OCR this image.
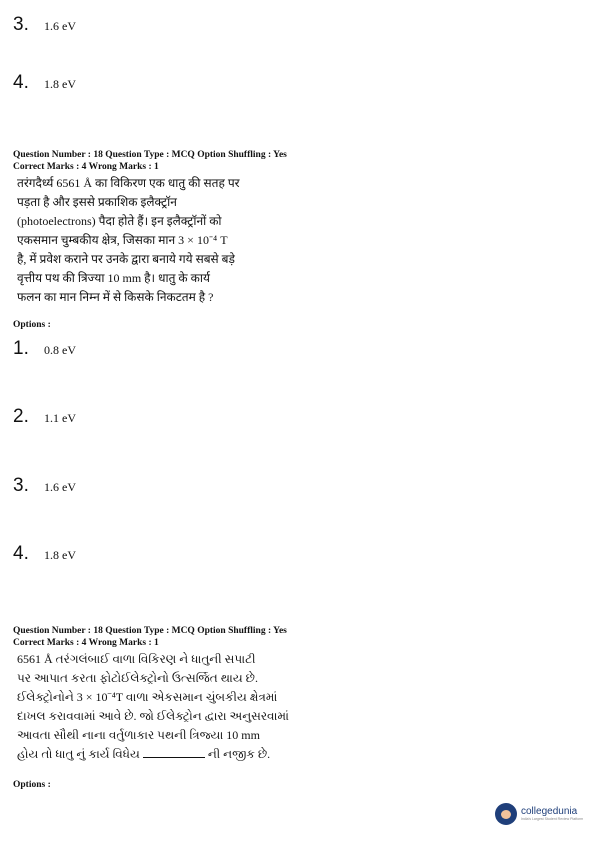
3.	1.6 eV
4.	1.8 eV
Question Number : 18 Question Type : MCQ Option Shuffling : Yes
Correct Marks : 4 Wrong Marks : 1
तरंगदैर्ध्य 6561 Å का विकिरण एक धातु की सतह पर
पड़ता है और इससे प्रकाशिक इलैक्ट्रॉन
(photoelectrons) पैदा होते हैं। इन इलैक्ट्रॉनों को
एकसमान चुम्बकीय क्षेत्र, जिसका मान 3 × 10⁻⁴ T
है, में प्रवेश कराने पर उनके द्वारा बनाये गये सबसे बड़े
वृत्तीय पथ की त्रिज्या 10 mm है। धातु के कार्य
फलन का मान निम्न में से किसके निकटतम है ?
Options :
1.	0.8 eV
2.	1.1 eV
3.	1.6 eV
4.	1.8 eV
Question Number : 18 Question Type : MCQ Option Shuffling : Yes
Correct Marks : 4 Wrong Marks : 1
6561 Å તરંગલંબાઈ વાળા વિકિરણ ને ધાતુની સપાટી
પર આપાત કરતા ફોટોઈલેક્ટ્રોનો ઉત્સર્જિત થાય છે.
ઈલેક્ટ્રોનોને 3 × 10⁻⁴T વાળા એકસમાન ચુંબકીય ક્ષેત્રમાં
દાખલ કરાવવામાં આવે છે. જો ઈલેક્ટ્રોન દ્વારા અનુસરવામાં
આવતા સૌથી નાના વર્તુળાકાર પથની ત્રિજ્યા 10 mm
હોય તો ધાતુ નું કાર્ય વિધેય	ની નજીક છે.
Options :
collegedunia
India's Largest Student Review Platform
